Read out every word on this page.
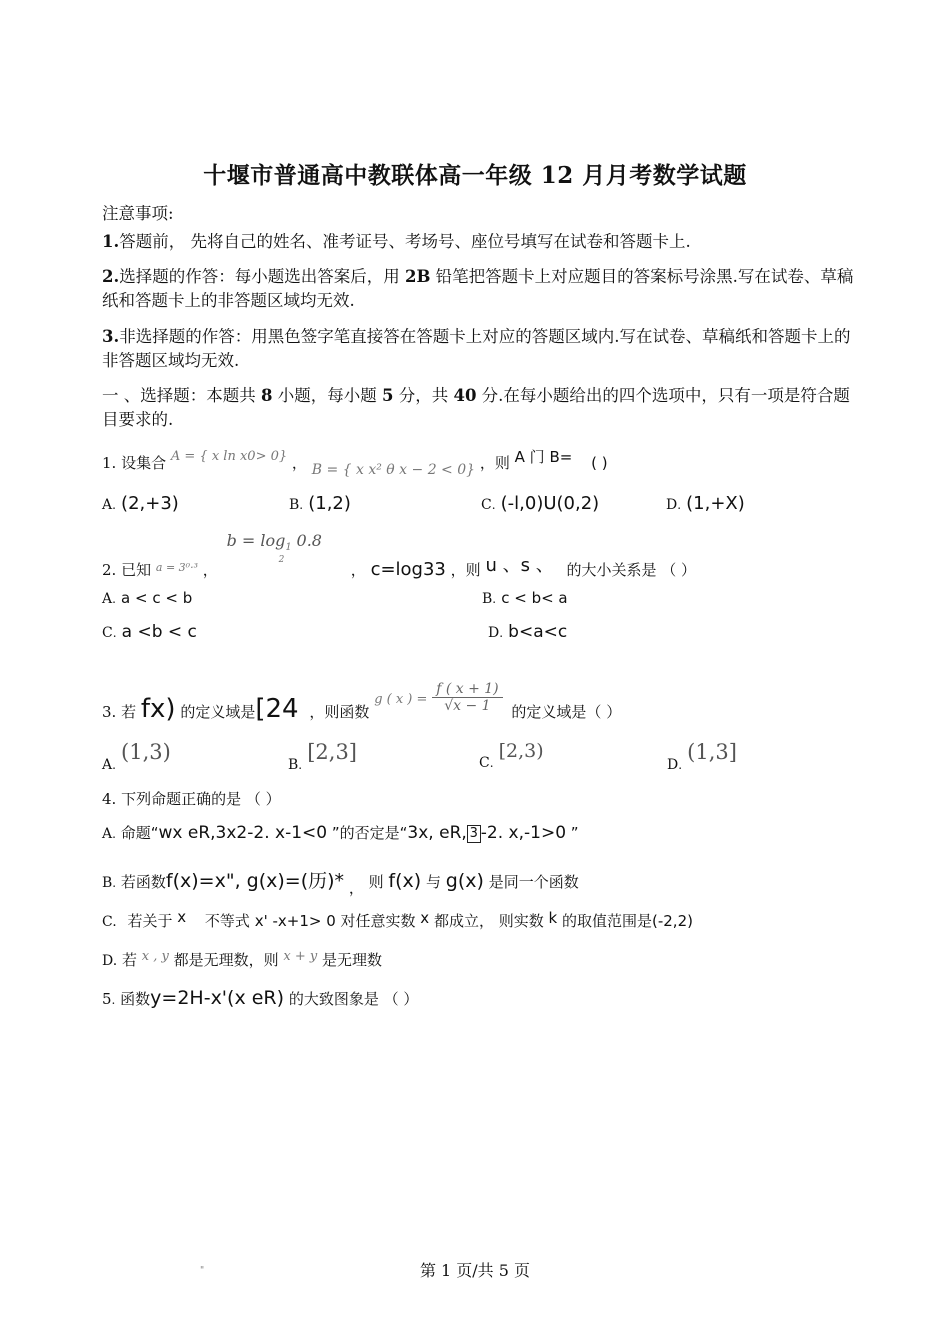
十堰市普通高中教联体高一年级 12 月月考数学试题
注意事项:
1.答题前， 先将自己的姓名、准考证号、考场号、座位号填写在试卷和答题卡上.
2.选择题的作答：每小题选出答案后，用 2B 铅笔把答题卡上对应题目的答案标号涂黑.写在试卷、草稿纸和答题卡上的非答题区域均无效.
3.非选择题的作答：用黑色签字笔直接答在答题卡上对应的答题区域内.写在试卷、草稿纸和答题卡上的非答题区域均无效.
一 、选择题：本题共 8 小题，每小题 5 分，共 40 分.在每小题给出的四个选项中，只有一项是符合题目要求的.
1. 设集合 A = { x ln x0> 0} ， B = { x x² θ x − 2 < 0} ，则 A 门 B= ( )
A. (2,+3)	B. (1,2)	C. (-l,0)U(0,2)	D. (1,+X)
2. 已知 $_{a = 3^0\cdot^3}$ ， $b = \log_1 0.8$
2
， c=log33 ，则 u 、s 、 的大小关系是 （ ）
A. a < c < b	B. c < b< a
C. a <b < c	D. b<a<c
3. 若 fx) 的定义域是[24 ，则函数 g ( x ) = $\frac{f ( x + 1)}{√x - 1}$ 的定义域是（ ）
$A_.$ (1,3)
$B_.$ [2,3]	$C_.$ [2,3)
$D_.$ (1,3]
4. 下列命题正确的是 （ ）
A. 命题“wx eR,3x2-2. x-1<0 ”的否定是“3x, eR, 3 -2. x,-1>0 ”
B. 若函数f(x)=x", g(x)=(历)* ， 则 f(x) 与 g(x) 是同一个函数
C. 若关于 x 不等式 x' -x+1> 0 对任意实数 x 都成立， 则实数 k 的取值范围是(-2,2)
D. 若 x , y 都是无理数，则 x + y 是无理数
5. 函数y=2H-x'(x eR) 的大致图象是 （ ）
"	第 1 页/共 5 页
